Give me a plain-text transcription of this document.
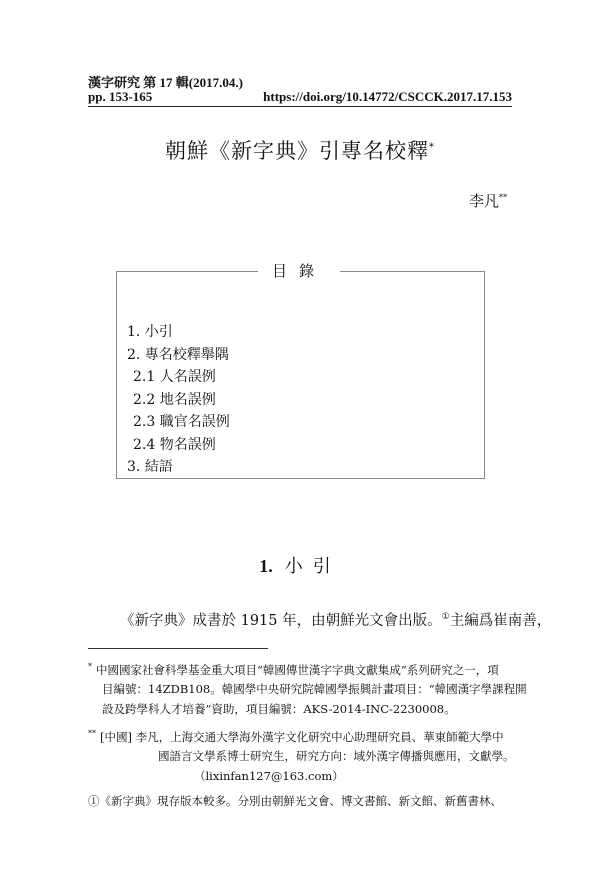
漢字研究 第 17 輯(2017.04.)
pp. 153-165	https://doi.org/10.14772/CSCCK.2017.17.153
朝鮮《新字典》引專名校釋*
李凡**
目錄
1. 小引
2. 專名校釋舉隅
2.1 人名誤例
2.2 地名誤例
2.3 職官名誤例
2.4 物名誤例
3. 結語
1. 小引
《新字典》成書於 1915 年，由朝鮮光文會出版。①主編爲崔南善，
* 中國國家社會科學基金重大項目“韓國傳世漢字字典文獻集成”系列研究之一，項
目編號：14ZDB108。韓國學中央研究院韓國學振興計畫項目：“韓國漢字學課程開
設及跨學科人才培養”資助，項目編號：AKS-2014-INC-2230008。
** [中國] 李凡，上海交通大學海外漢字文化研究中心助理研究員、華東師範大學中
國語言文學系博士研究生，研究方向：域外漢字傳播與應用，文獻學。
（lixinfan127@163.com）
①《新字典》現存版本較多。分別由朝鮮光文會、博文書館、新文館、新舊書林、
